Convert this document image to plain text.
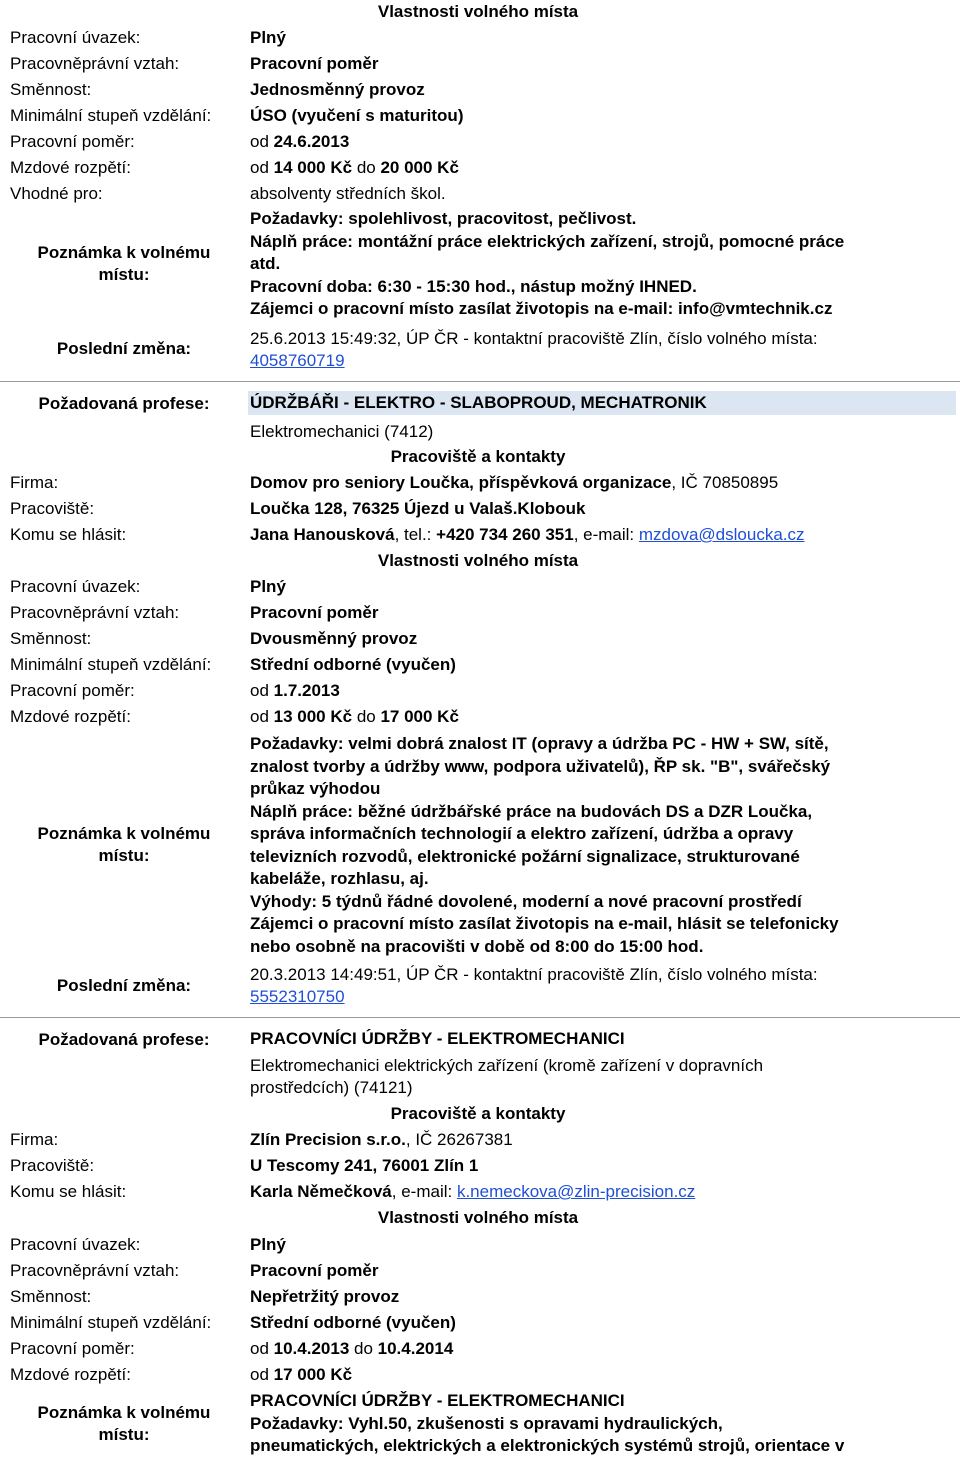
Vlastnosti volného místa
Pracovní úvazek:	Plný
Pracovněprávní vztah:	Pracovní poměr
Směnnost:	Jednosměnný provoz
Minimální stupeň vzdělání: ÚSO (vyučení s maturitou)
Pracovní poměr:	od 24.6.2013
Mzdové rozpětí:	od 14 000 Kč do 20 000 Kč
Vhodné pro:	absolventy středních škol.
Poznámka k volnému
místu:
Požadavky: spolehlivost, pracovitost, pečlivost.
Náplň práce: montážní práce elektrických zařízení, strojů, pomocné práce
atd.
Pracovní doba: 6:30 - 15:30 hod., nástup možný IHNED.
Zájemci o pracovní místo zasílat životopis na e-mail: info@vmtechnik.cz
Poslední změna:
25.6.2013 15:49:32, ÚP ČR - kontaktní pracoviště Zlín, číslo volného místa:
4058760719
Požadovaná profese:	ÚDRŽBÁŘI - ELEKTRO - SLABOPROUD, MECHATRONIK
Elektromechanici (7412)
Pracoviště a kontakty
Firma:	Domov pro seniory Loučka, příspěvková organizace, IČ 70850895
Pracoviště:	Loučka 128, 76325 Újezd u Valaš.Klobouk
Komu se hlásit:	Jana Hanousková, tel.: +420 734 260 351, e-mail: mzdova@dsloucka.cz
Vlastnosti volného místa
Pracovní úvazek:	Plný
Pracovněprávní vztah:	Pracovní poměr
Směnnost:	Dvousměnný provoz
Minimální stupeň vzdělání: Střední odborné (vyučen)
Pracovní poměr:	od 1.7.2013
Mzdové rozpětí:	od 13 000 Kč do 17 000 Kč
Poznámka k volnému
místu:
Požadavky: velmi dobrá znalost IT (opravy a údržba PC - HW + SW, sítě,
znalost tvorby a údržby www, podpora uživatelů), ŘP sk. "B", svářečský
průkaz výhodou
Náplň práce: běžné údržbářské práce na budovách DS a DZR Loučka,
správa informačních technologií a elektro zařízení, údržba a opravy
televizních rozvodů, elektronické požární signalizace, strukturované
kabeláže, rozhlasu, aj.
Výhody: 5 týdnů řádné dovolené, moderní a nové pracovní prostředí
Zájemci o pracovní místo zasílat životopis na e-mail, hlásit se telefonicky
nebo osobně na pracovišti v době od 8:00 do 15:00 hod.
Poslední změna:
20.3.2013 14:49:51, ÚP ČR - kontaktní pracoviště Zlín, číslo volného místa:
5552310750
Požadovaná profese:	PRACOVNÍCI ÚDRŽBY - ELEKTROMECHANICI
Elektromechanici elektrických zařízení (kromě zařízení v dopravních
prostředcích) (74121)
Pracoviště a kontakty
Firma:	Zlín Precision s.r.o., IČ 26267381
Pracoviště:	U Tescomy 241, 76001 Zlín 1
Komu se hlásit:	Karla Němečková, e-mail: k.nemeckova@zlin-precision.cz
Vlastnosti volného místa
Pracovní úvazek:	Plný
Pracovněprávní vztah:	Pracovní poměr
Směnnost:	Nepřetržitý provoz
Minimální stupeň vzdělání: Střední odborné (vyučen)
Pracovní poměr:	od 10.4.2013 do 10.4.2014
Mzdové rozpětí:	od 17 000 Kč
Poznámka k volnému
místu:
PRACOVNÍCI ÚDRŽBY - ELEKTROMECHANICI
Požadavky: Vyhl.50, zkušenosti s opravami hydraulických,
pneumatických, elektrických a elektronických systémů strojů, orientace v
